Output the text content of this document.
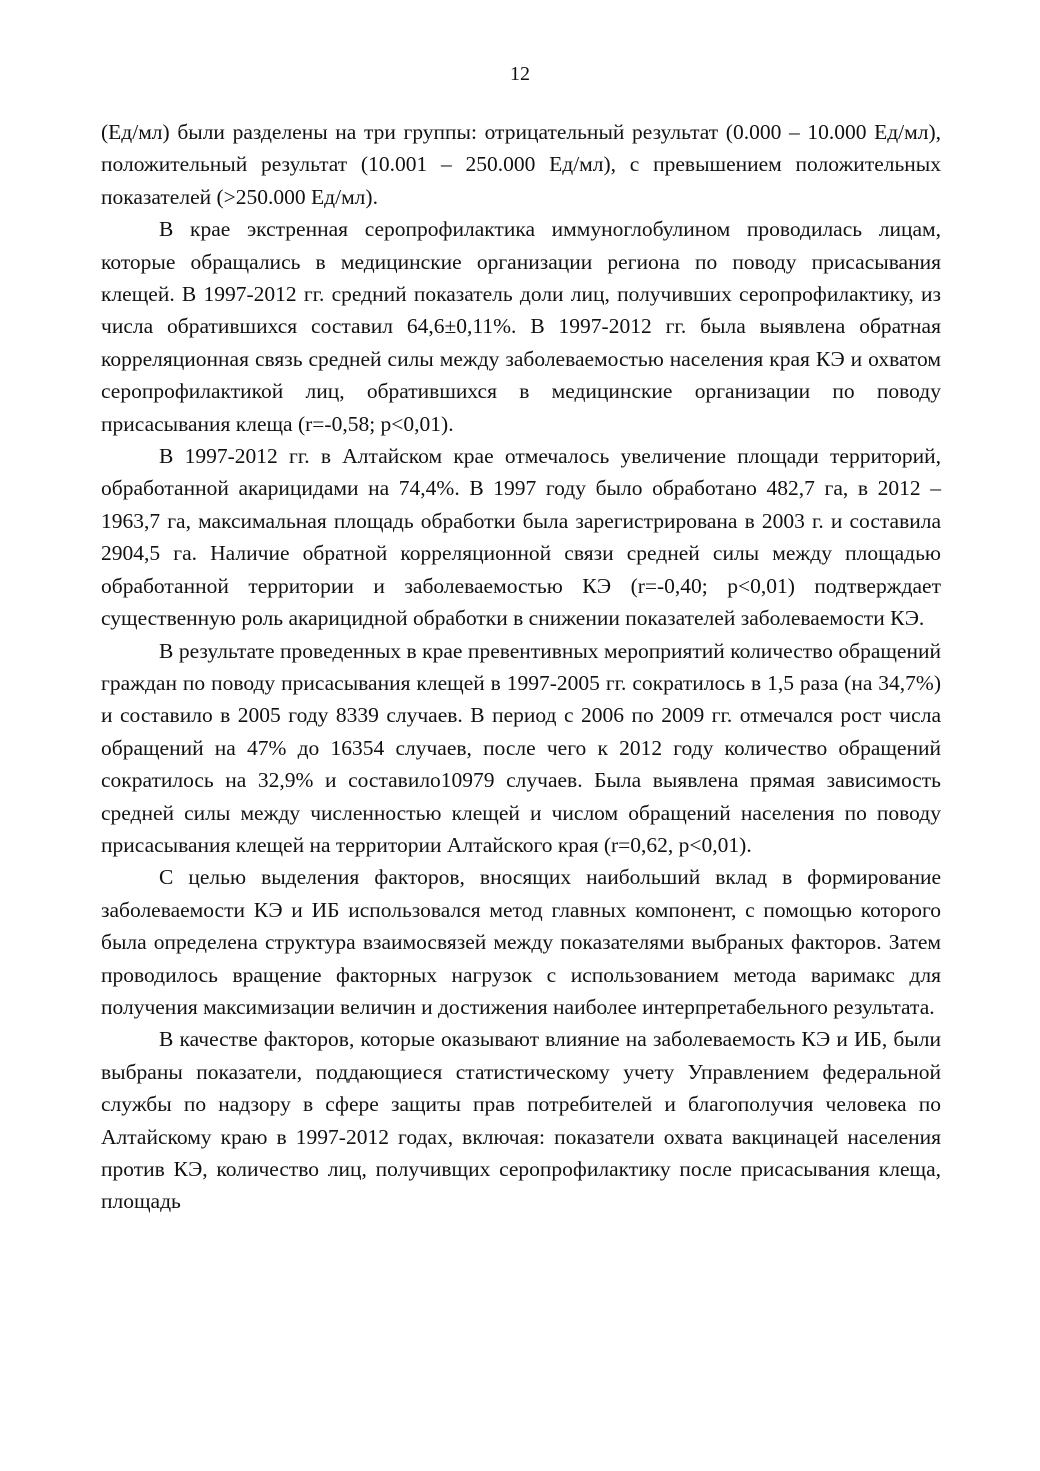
12

(Ед/мл) были разделены на три группы: отрицательный результат (0.000 – 10.000 Ед/мл), положительный результат (10.001 – 250.000 Ед/мл), с превышением положительных показателей (>250.000 Ед/мл).

В крае экстренная серопрофилактика иммуноглобулином проводилась лицам, которые обращались в медицинские организации региона по поводу присасывания клещей. В 1997-2012 гг. средний показатель доли лиц, получивших серопрофилактику, из числа обратившихся составил 64,6±0,11%. В 1997-2012 гг. была выявлена обратная корреляционная связь средней силы между заболеваемостью населения края КЭ и охватом серопрофилактикой лиц, обратившихся в медицинские организации по поводу присасывания клеща (r=-0,58; p<0,01).

В 1997-2012 гг. в Алтайском крае отмечалось увеличение площади территорий, обработанной акарицидами на 74,4%. В 1997 году было обработано 482,7 га, в 2012 – 1963,7 га, максимальная площадь обработки была зарегистрирована в 2003 г. и составила 2904,5 га. Наличие обратной корреляционной связи средней силы между площадью обработанной территории и заболеваемостью КЭ (r=-0,40; p<0,01) подтверждает существенную роль акарицидной обработки в снижении показателей заболеваемости КЭ.

В результате проведенных в крае превентивных мероприятий количество обращений граждан по поводу присасывания клещей в 1997-2005 гг. сократилось в 1,5 раза (на 34,7%) и составило в 2005 году 8339 случаев. В период с 2006 по 2009 гг. отмечался рост числа обращений на 47% до 16354 случаев, после чего к 2012 году количество обращений сократилось на 32,9% и составило10979 случаев. Была выявлена прямая зависимость средней силы между численностью клещей и числом обращений населения по поводу присасывания клещей на территории Алтайского края (r=0,62, p<0,01).

С целью выделения факторов, вносящих наибольший вклад в формирование заболеваемости КЭ и ИБ использовался метод главных компонент, с помощью которого была определена структура взаимосвязей между показателями выбраных факторов. Затем проводилось вращение факторных нагрузок с использованием метода варимакс для получения максимизации величин и достижения наиболее интерпретабельного результата.

В качестве факторов, которые оказывают влияние на заболеваемость КЭ и ИБ, были выбраны показатели, поддающиеся статистическому учету Управлением федеральной службы по надзору в сфере защиты прав потребителей и благополучия человека по Алтайскому краю в 1997-2012 годах, включая: показатели охвата вакцинацей населения против КЭ, количество лиц, получивщих серопрофилактику после присасывания клеща, площадь
